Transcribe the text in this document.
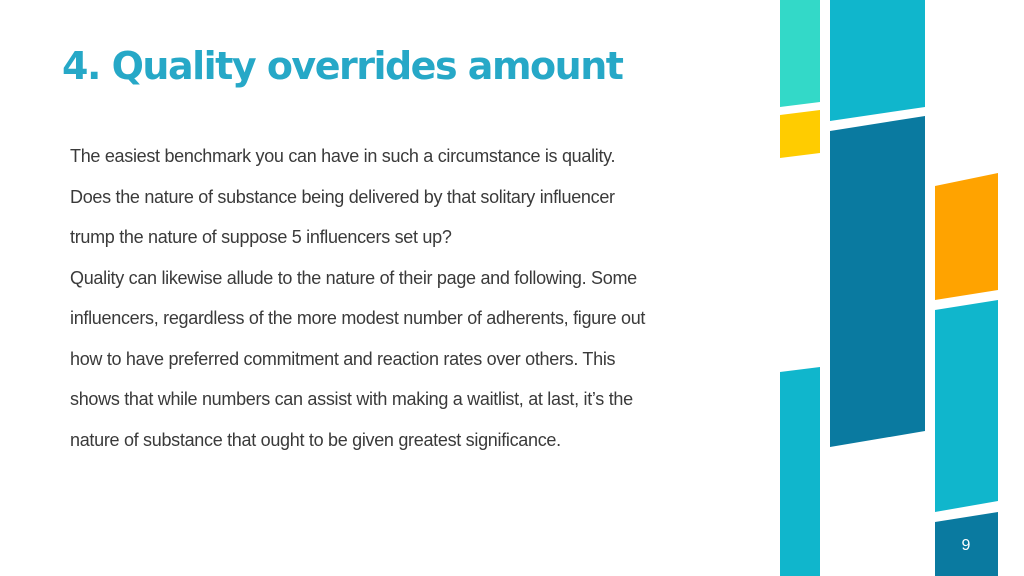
4. Quality overrides amount
The easiest benchmark you can have in such a circumstance is quality.
Does the nature of substance being delivered by that solitary influencer
trump the nature of suppose 5 influencers set up?
Quality can likewise allude to the nature of their page and following. Some
influencers, regardless of the more modest number of adherents, figure out
how to have preferred commitment and reaction rates over others. This
shows that while numbers can assist with making a waitlist, at last, it’s the
nature of substance that ought to be given greatest significance.
9
